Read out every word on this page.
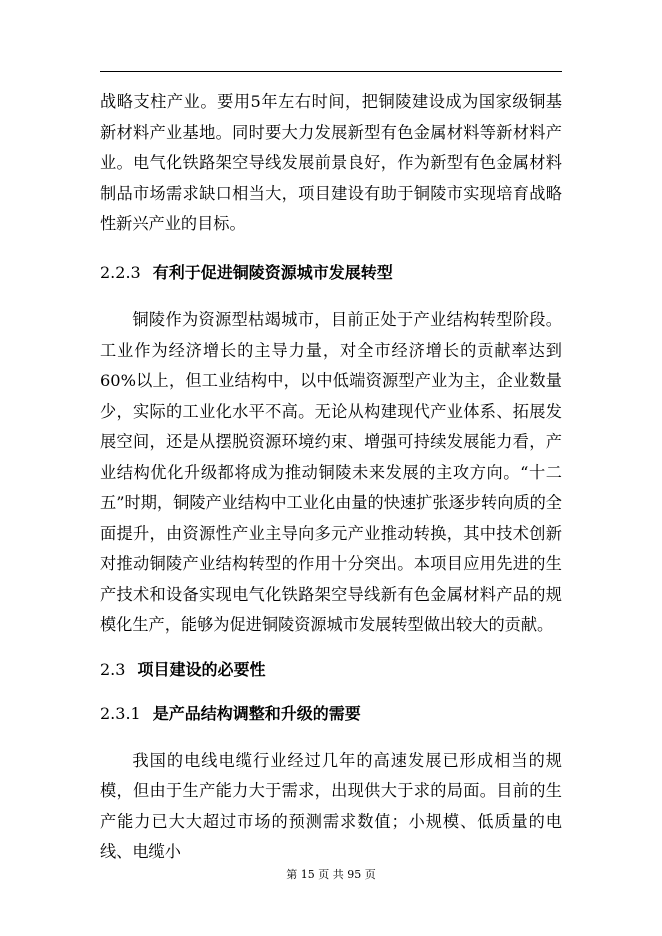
战略支柱产业。要用5年左右时间，把铜陵建设成为国家级铜基新材料产业基地。同时要大力发展新型有色金属材料等新材料产业。电气化铁路架空导线发展前景良好，作为新型有色金属材料制品市场需求缺口相当大，项目建设有助于铜陵市实现培育战略性新兴产业的目标。

2.2.3 有利于促进铜陵资源城市发展转型

铜陵作为资源型枯竭城市，目前正处于产业结构转型阶段。工业作为经济增长的主导力量，对全市经济增长的贡献率达到60%以上，但工业结构中，以中低端资源型产业为主，企业数量少，实际的工业化水平不高。无论从构建现代产业体系、拓展发展空间，还是从摆脱资源环境约束、增强可持续发展能力看，产业结构优化升级都将成为推动铜陵未来发展的主攻方向。“十二五”时期，铜陵产业结构中工业化由量的快速扩张逐步转向质的全面提升，由资源性产业主导向多元产业推动转换，其中技术创新对推动铜陵产业结构转型的作用十分突出。本项目应用先进的生产技术和设备实现电气化铁路架空导线新有色金属材料产品的规模化生产，能够为促进铜陵资源城市发展转型做出较大的贡献。

2.3 项目建设的必要性
2.3.1 是产品结构调整和升级的需要

我国的电线电缆行业经过几年的高速发展已形成相当的规模，但由于生产能力大于需求，出现供大于求的局面。目前的生产能力已大大超过市场的预测需求数值；小规模、低质量的电线、电缆小

第 15 页 共 95 页
